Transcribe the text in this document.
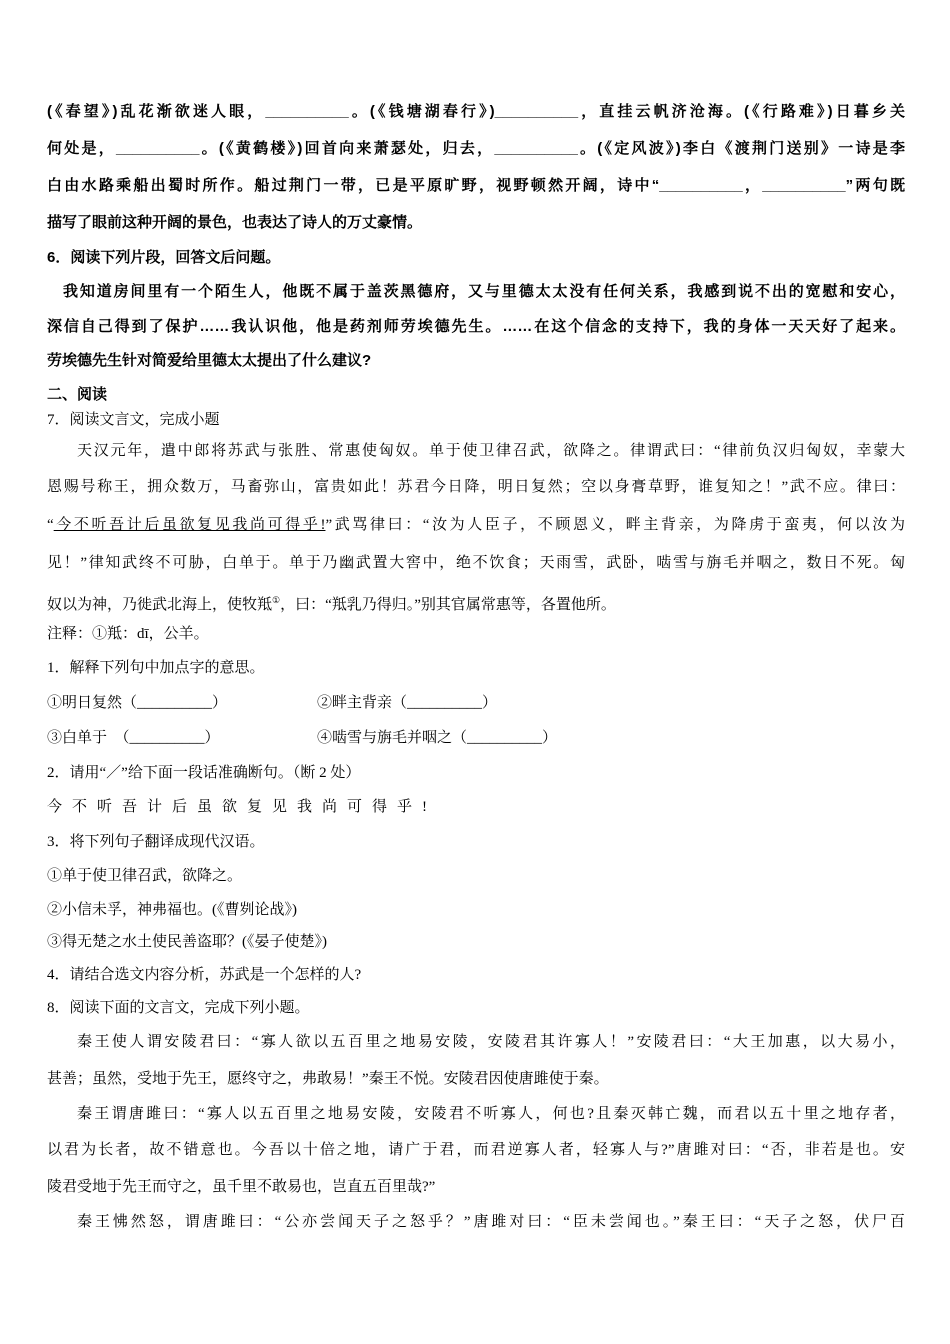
(《春望》)乱花渐欲迷人眼，__________。(《钱塘湖春行》)__________，直挂云帆济沧海。(《行路难》)日暮乡关
何处是，__________。(《黄鹤楼》)回首向来萧瑟处，归去，__________。(《定风波》)李白《渡荆门送别》一诗是李
白由水路乘船出蜀时所作。船过荆门一带，已是平原旷野，视野顿然开阔，诗中“__________，__________”两句既
描写了眼前这种开阔的景色，也表达了诗人的万丈豪情。
6．阅读下列片段，回答文后问题。
我知道房间里有一个陌生人，他既不属于盖茨黑德府，又与里德太太没有任何关系，我感到说不出的宽慰和安心，
深信自己得到了保护……我认识他，他是药剂师劳埃德先生。……在这个信念的支持下，我的身体一天天好了起来。
劳埃德先生针对简爱给里德太太提出了什么建议?
二、阅读
7．阅读文言文，完成小题
天汉元年，遣中郎将苏武与张胜、常惠使匈奴。单于使卫律召武，欲降之。律谓武曰：“律前负汉归匈奴，幸蒙大
恩赐号称王，拥众数万，马畜弥山，富贵如此！苏君今日降，明日复然；空以身膏草野，谁复知之！”武不应。律曰：
“今不听吾计后虽欲复见我尚可得乎!”武骂律曰：“汝为人臣子，不顾恩义，畔主背亲，为降虏于蛮夷，何以汝为
见！”律知武终不可胁，白单于。单于乃幽武置大窖中，绝不饮食；天雨雪，武卧，啮雪与旃毛并咽之，数日不死。匈
奴以为神，乃徙武北海上，使牧羝①，曰：“羝乳乃得归。”别其官属常惠等，各置他所。
注释：①羝：dī，公羊。
1．解释下列句中加点字的意思。
①明日复然（__________）	②畔主背亲（__________）
③白单于　（__________）	④啮雪与旃毛并咽之（__________）
2．请用“／”给下面一段话准确断句。（断 2 处）
今不听吾计后虽欲复见我尚可得乎!
3．将下列句子翻译成现代汉语。
①单于使卫律召武，欲降之。
②小信未孚，神弗福也。(《曹刿论战》)
③得无楚之水土使民善盗耶？(《晏子使楚》)
4．请结合选文内容分析，苏武是一个怎样的人?
8．阅读下面的文言文，完成下列小题。
秦王使人谓安陵君曰：“寡人欲以五百里之地易安陵，安陵君其许寡人！”安陵君曰：“大王加惠，以大易小，
甚善；虽然，受地于先王，愿终守之，弗敢易！”秦王不悦。安陵君因使唐雎使于秦。
秦王谓唐雎曰：“寡人以五百里之地易安陵，安陵君不听寡人，何也?且秦灭韩亡魏，而君以五十里之地存者，
以君为长者，故不错意也。今吾以十倍之地，请广于君，而君逆寡人者，轻寡人与?”唐雎对曰：“否，非若是也。安
陵君受地于先王而守之，虽千里不敢易也，岂直五百里哉?”
秦王怫然怒，谓唐雎曰：“公亦尝闻天子之怒乎？”唐雎对曰：“臣未尝闻也。”秦王曰：“天子之怒，伏尸百
